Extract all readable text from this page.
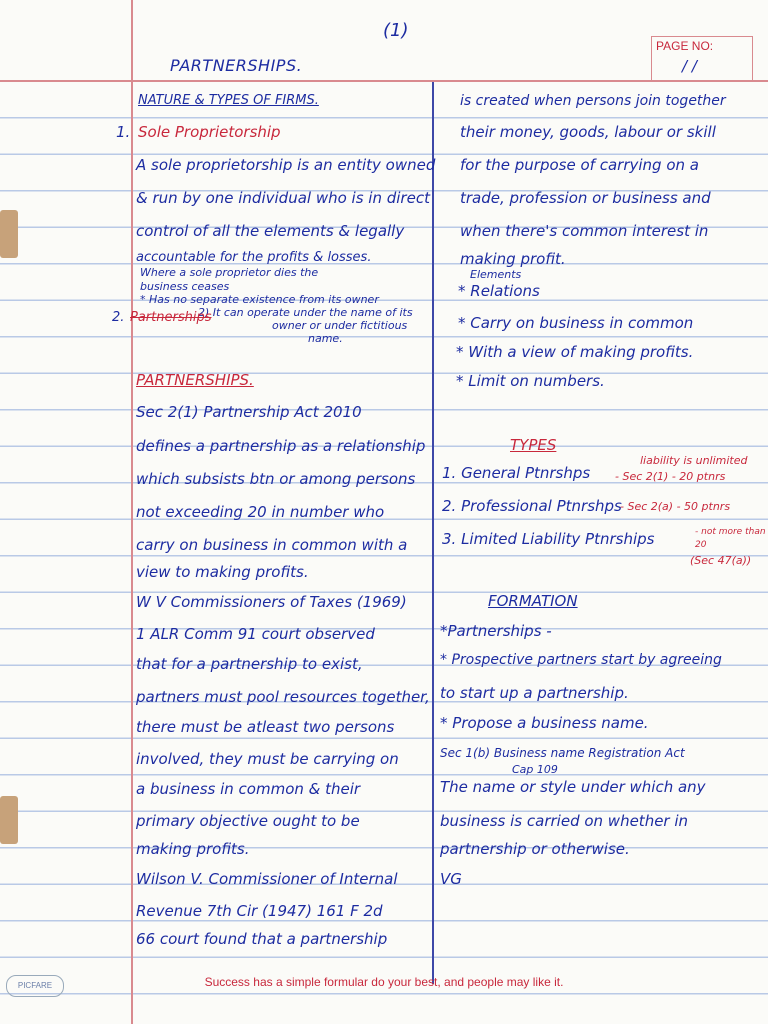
(1)
PAGE NO:
/ /
PARTNERSHIPS.
NATURE & TYPES OF FIRMS.
1. Sole Proprietorship
A sole proprietorship is an entity owned
& run by one individual who is in direct
control of all the elements & legally
accountable for the profits & losses.
Where a sole proprietor dies the
business ceases
* Has no separate existence from its owner
2) It can operate under the name of its
owner or under fictitious
name.
2. Partnerships
PARTNERSHIPS.
Sec 2(1) Partnership Act 2010
defines a partnership as a relationship
which subsists btn or among persons
not exceeding 20 in number who
carry on business in common with a
view to making profits.
W V Commissioners of Taxes (1969)
1 ALR Comm 91 court observed
that for a partnership to exist,
partners must pool resources together,
there must be atleast two persons
involved, they must be carrying on
a business in common & their
primary objective ought to be
making profits.
Wilson V. Commissioner of Internal
Revenue 7th Cir (1947) 161 F 2d
66 court found that a partnership
is created when persons join together
their money, goods, labour or skill
for the purpose of carrying on a
trade, profession or business and
when there's common interest in
making profit.
Elements
* Relations
* Carry on business in common
* With a view of making profits.
* Limit on numbers.
TYPES
1. General Ptnrshps
liability is unlimited
- Sec 2(1) - 20 ptnrs
2. Professional Ptnrshps
- Sec 2(a) - 50 ptnrs
3. Limited Liability Ptnrships	- not more than
20
(Sec 47(a))
FORMATION
*Partnerships -
* Prospective partners start by agreeing
to start up a partnership.
* Propose a business name.
Sec 1(b) Business name Registration Act
Cap 109
The name or style under which any
business is carried on whether in
partnership or otherwise.
VG
PICFARE	Success has a simple formular do your best, and people may like it.
